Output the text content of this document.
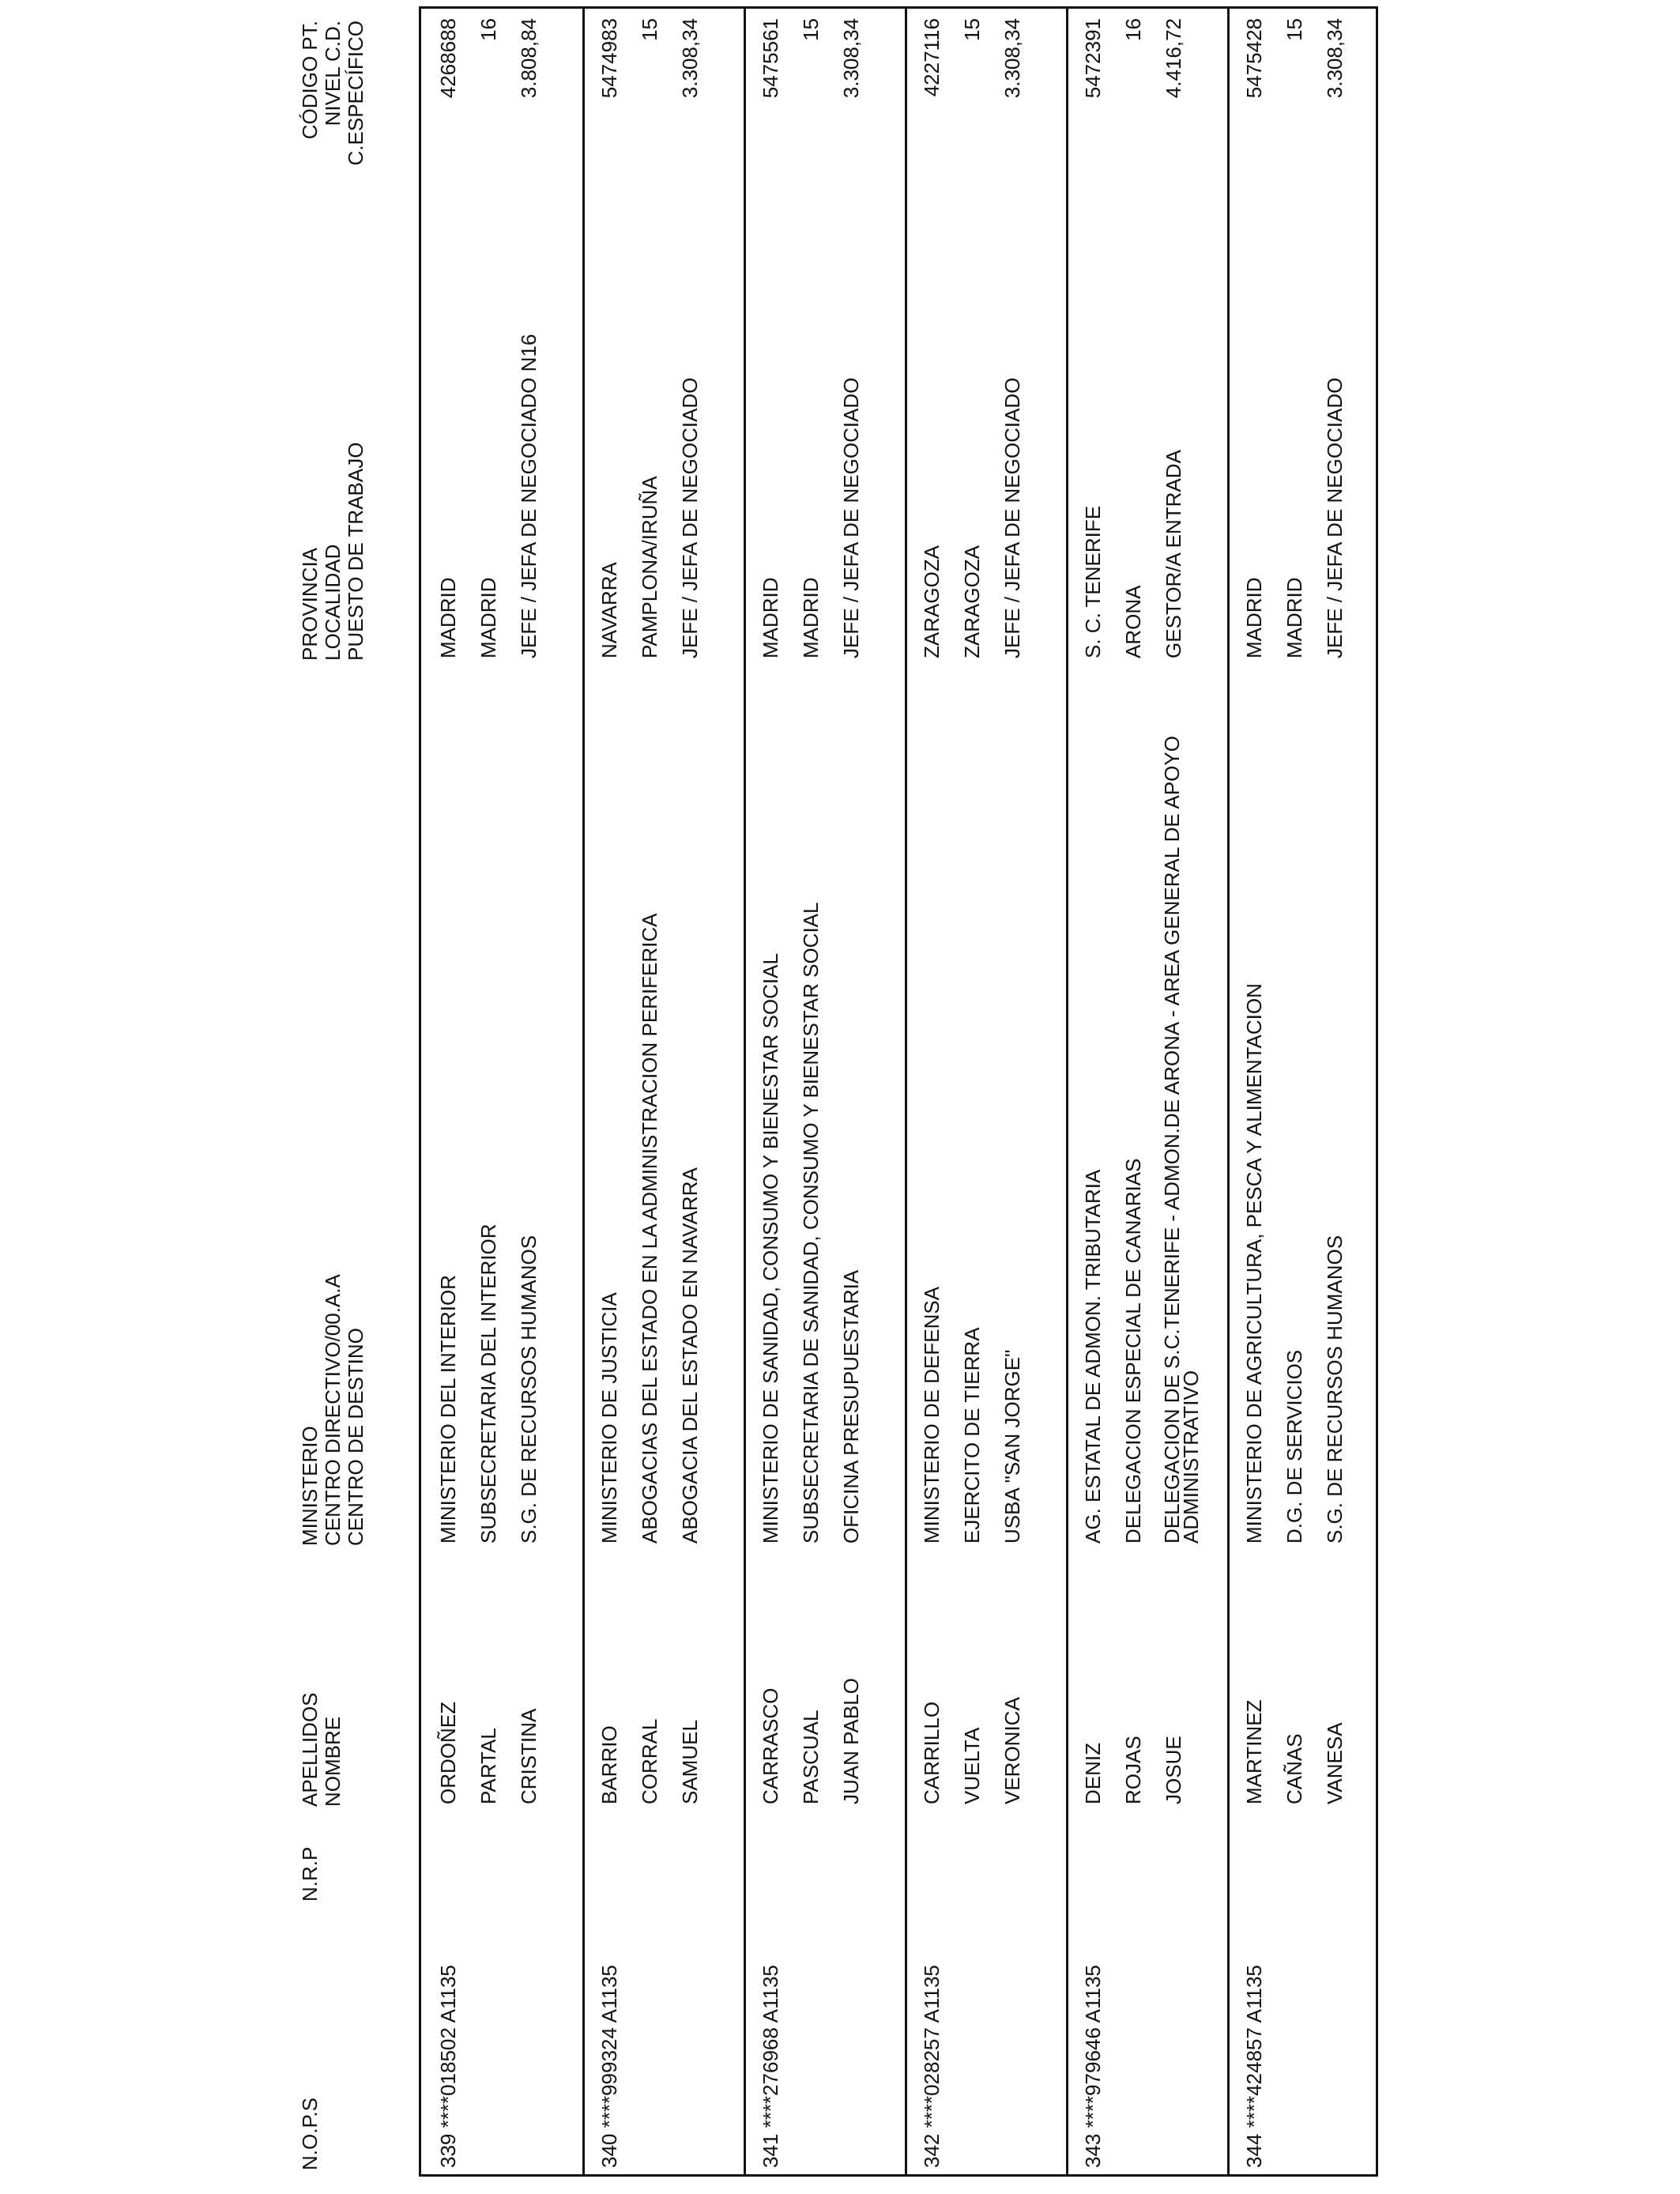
N.O.P.S
N.R.P
APELLIDOS NOMBRE
MINISTERIO CENTRO DIRECTIVO/00.A.A CENTRO DE DESTINO
PROVINCIA LOCALIDAD PUESTO DE TRABAJO
CÓDIGO PT. NIVEL C.D. C.ESPECÍFICO
339 ****018502 A1135
ORDOÑEZ PARTAL CRISTINA
MINISTERIO DEL INTERIOR SUBSECRETARIA DEL INTERIOR S.G. DE RECURSOS HUMANOS
MADRID MADRID JEFE / JEFA DE NEGOCIADO N16
4268688 16 3.808,84
340 ****999324 A1135
BARRIO CORRAL SAMUEL
MINISTERIO DE JUSTICIA ABOGACIAS DEL ESTADO EN LA ADMINISTRACION PERIFERICA ABOGACIA DEL ESTADO EN NAVARRA
NAVARRA PAMPLONA/IRUÑA JEFE / JEFA DE NEGOCIADO
5474983 15 3.308,34
341 ****276968 A1135
CARRASCO PASCUAL JUAN PABLO
MINISTERIO DE SANIDAD, CONSUMO Y BIENESTAR SOCIAL SUBSECRETARIA DE SANIDAD, CONSUMO Y BIENESTAR SOCIAL OFICINA PRESUPUESTARIA
MADRID MADRID JEFE / JEFA DE NEGOCIADO
5475561 15 3.308,34
342 ****028257 A1135
CARRILLO VUELTA VERONICA
MINISTERIO DE DEFENSA EJERCITO DE TIERRA USBA "SAN JORGE"
ZARAGOZA ZARAGOZA JEFE / JEFA DE NEGOCIADO
4227116 15 3.308,34
343 ****979646 A1135
DENIZ ROJAS JOSUE
AG. ESTATAL DE ADMON. TRIBUTARIA DELEGACION ESPECIAL DE CANARIAS DELEGACION DE S.C.TENERIFE - ADMON.DE ARONA - AREA GENERAL DE APOYO ADMINISTRATIVO
S. C. TENERIFE ARONA GESTOR/A ENTRADA
5472391 16 4.416,72
344 ****424857 A1135
MARTINEZ CAÑAS VANESA
MINISTERIO DE AGRICULTURA, PESCA Y ALIMENTACION D.G. DE SERVICIOS S.G. DE RECURSOS HUMANOS
MADRID MADRID JEFE / JEFA DE NEGOCIADO
5475428 15 3.308,34
